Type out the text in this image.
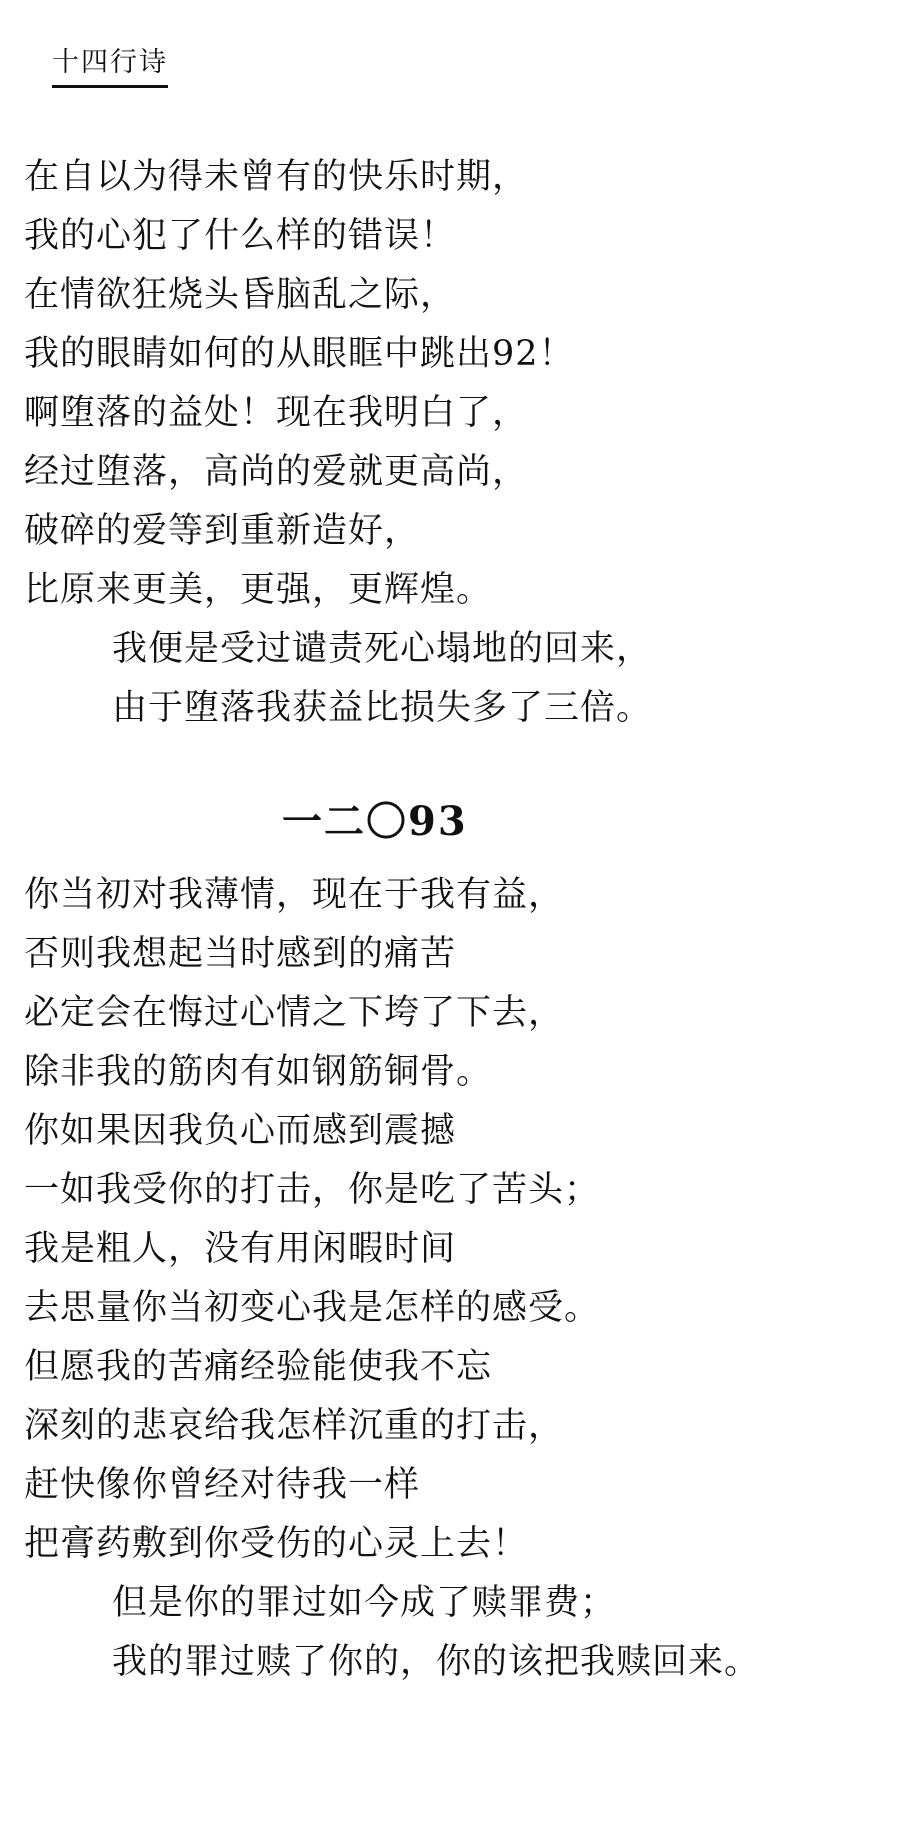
十四行诗
在自以为得未曾有的快乐时期，
我的心犯了什么样的错误！
在情欲狂烧头昏脑乱之际，
我的眼睛如何的从眼眶中跳出92！
啊堕落的益处！现在我明白了，
经过堕落，高尚的爱就更高尚，
破碎的爱等到重新造好，
比原来更美，更强，更辉煌。
我便是受过谴责死心塌地的回来，
由于堕落我获益比损失多了三倍。
一二〇93
你当初对我薄情，现在于我有益，
否则我想起当时感到的痛苦
必定会在悔过心情之下垮了下去，
除非我的筋肉有如钢筋铜骨。
你如果因我负心而感到震撼
一如我受你的打击，你是吃了苦头；
我是粗人，没有用闲暇时间
去思量你当初变心我是怎样的感受。
但愿我的苦痛经验能使我不忘
深刻的悲哀给我怎样沉重的打击，
赶快像你曾经对待我一样
把膏药敷到你受伤的心灵上去！
但是你的罪过如今成了赎罪费；
我的罪过赎了你的，你的该把我赎回来。
